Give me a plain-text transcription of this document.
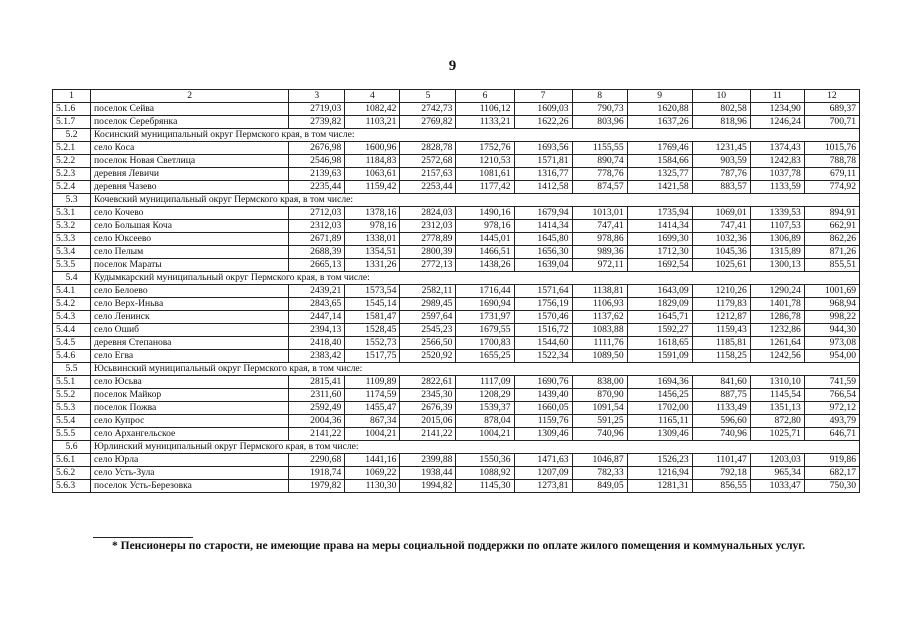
9
1	2	3	4	5	6	7	8	9	10	11	12
5.1.6	поселок Сейва	2719,03	1082,42	2742,73	1106,12	1609,03	790,73	1620,88	802,58	1234,90	689,37
5.1.7	поселок Серебрянка	2739,82	1103,21	2769,82	1133,21	1622,26	803,96	1637,26	818,96	1246,24	700,71
5.2	Косинский муниципальный округ Пермского края, в том числе:										
5.2.1	село Коса	2676,98	1600,96	2828,78	1752,76	1693,56	1155,55	1769,46	1231,45	1374,43	1015,76
5.2.2	поселок Новая Светлица	2546,98	1184,83	2572,68	1210,53	1571,81	890,74	1584,66	903,59	1242,83	788,78
5.2.3	деревня Левичи	2139,63	1063,61	2157,63	1081,61	1316,77	778,76	1325,77	787,76	1037,78	679,11
5.2.4	деревня Чазево	2235,44	1159,42	2253,44	1177,42	1412,58	874,57	1421,58	883,57	1133,59	774,92
5.3	Кочевский муниципальный округ Пермского края, в том числе:										
5.3.1	село Кочево	2712,03	1378,16	2824,03	1490,16	1679,94	1013,01	1735,94	1069,01	1339,53	894,91
5.3.2	село Большая Коча	2312,03	978,16	2312,03	978,16	1414,34	747,41	1414,34	747,41	1107,53	662,91
5.3.3	село Юксеево	2671,89	1338,01	2778,89	1445,01	1645,80	978,86	1699,30	1032,36	1306,89	862,26
5.3.4	село Пелым	2688,39	1354,51	2800,39	1466,51	1656,30	989,36	1712,30	1045,36	1315,89	871,26
5.3.5	поселок Мараты	2665,13	1331,26	2772,13	1438,26	1639,04	972,11	1692,54	1025,61	1300,13	855,51
5.4	Кудымкарский муниципальный округ Пермского края, в том числе:										
5.4.1	село Белоево	2439,21	1573,54	2582,11	1716,44	1571,64	1138,81	1643,09	1210,26	1290,24	1001,69
5.4.2	село Верх-Иньва	2843,65	1545,14	2989,45	1690,94	1756,19	1106,93	1829,09	1179,83	1401,78	968,94
5.4.3	село Ленинск	2447,14	1581,47	2597,64	1731,97	1570,46	1137,62	1645,71	1212,87	1286,78	998,22
5.4.4	село Ошиб	2394,13	1528,45	2545,23	1679,55	1516,72	1083,88	1592,27	1159,43	1232,86	944,30
5.4.5	деревня Степанова	2418,40	1552,73	2566,50	1700,83	1544,60	1111,76	1618,65	1185,81	1261,64	973,08
5.4.6	село Егва	2383,42	1517,75	2520,92	1655,25	1522,34	1089,50	1591,09	1158,25	1242,56	954,00
5.5	Юсьвинский муниципальный округ Пермского края, в том числе:										
5.5.1	село Юсьва	2815,41	1109,89	2822,61	1117,09	1690,76	838,00	1694,36	841,60	1310,10	741,59
5.5.2	поселок Майкор	2311,60	1174,59	2345,30	1208,29	1439,40	870,90	1456,25	887,75	1145,54	766,54
5.5.3	поселок Пожва	2592,49	1455,47	2676,39	1539,37	1660,05	1091,54	1702,00	1133,49	1351,13	972,12
5.5.4	село Купрос	2004,36	867,34	2015,06	878,04	1159,76	591,25	1165,11	596,60	872,80	493,79
5.5.5	село Архангельское	2141,22	1004,21	2141,22	1004,21	1309,46	740,96	1309,46	740,96	1025,71	646,71
5.6	Юрлинский муниципальный округ Пермского края, в том числе:										
5.6.1	село Юрла	2290,68	1441,16	2399,88	1550,36	1471,63	1046,87	1526,23	1101,47	1203,03	919,86
5.6.2	село Усть-Зула	1918,74	1069,22	1938,44	1088,92	1207,09	782,33	1216,94	792,18	965,34	682,17
5.6.3	поселок Усть-Березовка	1979,82	1130,30	1994,82	1145,30	1273,81	849,05	1281,31	856,55	1033,47	750,30
* Пенсионеры по старости, не имеющие права на меры социальной поддержки по оплате жилого помещения и коммунальных услуг.
